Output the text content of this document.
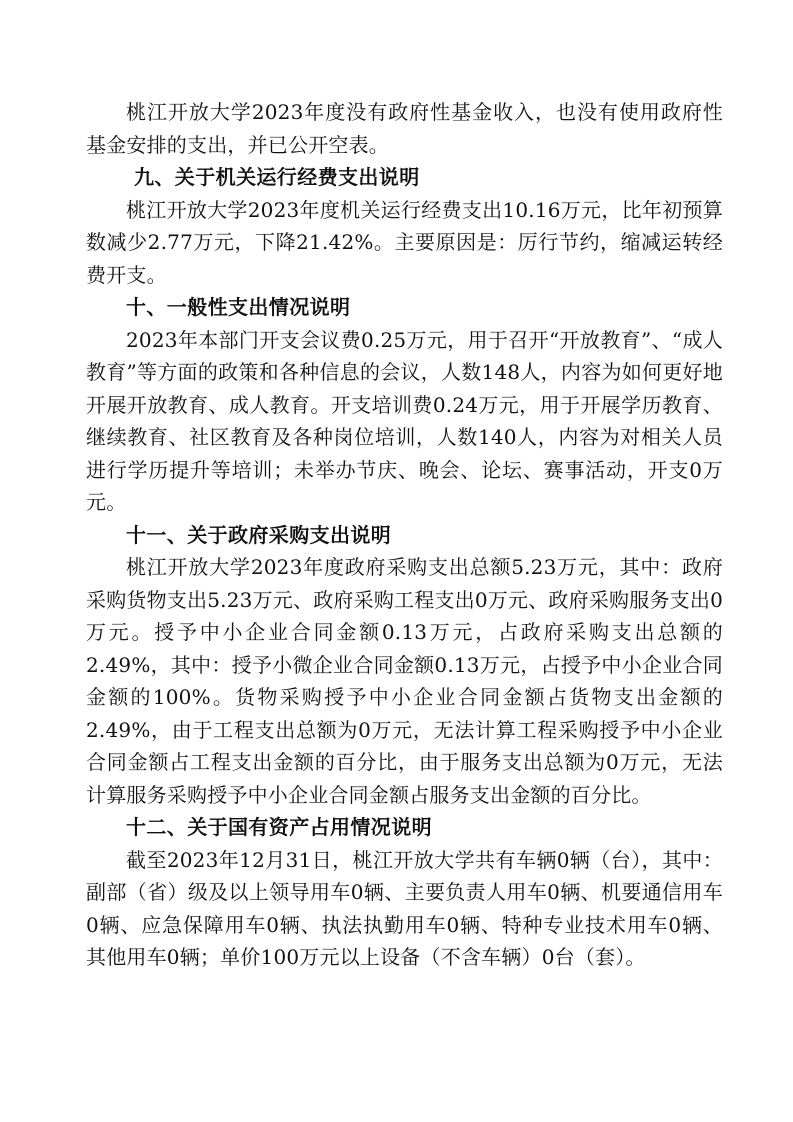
桃江开放大学2023年度没有政府性基金收入，也没有使用政府性基金安排的支出，并已公开空表。

九、关于机关运行经费支出说明

桃江开放大学2023年度机关运行经费支出10.16万元，比年初预算数减少2.77万元，下降21.42%。主要原因是：厉行节约，缩减运转经费开支。

十、一般性支出情况说明

2023年本部门开支会议费0.25万元，用于召开“开放教育”、“成人教育”等方面的政策和各种信息的会议，人数148人，内容为如何更好地开展开放教育、成人教育。开支培训费0.24万元，用于开展学历教育、继续教育、社区教育及各种岗位培训，人数140人，内容为对相关人员进行学历提升等培训；未举办节庆、晚会、论坛、赛事活动，开支0万元。

十一、关于政府采购支出说明

桃江开放大学2023年度政府采购支出总额5.23万元，其中：政府采购货物支出5.23万元、政府采购工程支出0万元、政府采购服务支出0万元。授予中小企业合同金额0.13万元，占政府采购支出总额的2.49%，其中：授予小微企业合同金额0.13万元，占授予中小企业合同金额的100%。货物采购授予中小企业合同金额占货物支出金额的2.49%，由于工程支出总额为0万元，无法计算工程采购授予中小企业合同金额占工程支出金额的百分比，由于服务支出总额为0万元，无法计算服务采购授予中小企业合同金额占服务支出金额的百分比。

十二、关于国有资产占用情况说明

截至2023年12月31日，桃江开放大学共有车辆0辆（台），其中：副部（省）级及以上领导用车0辆、主要负责人用车0辆、机要通信用车0辆、应急保障用车0辆、执法执勤用车0辆、特种专业技术用车0辆、其他用车0辆；单价100万元以上设备（不含车辆）0台（套）。
